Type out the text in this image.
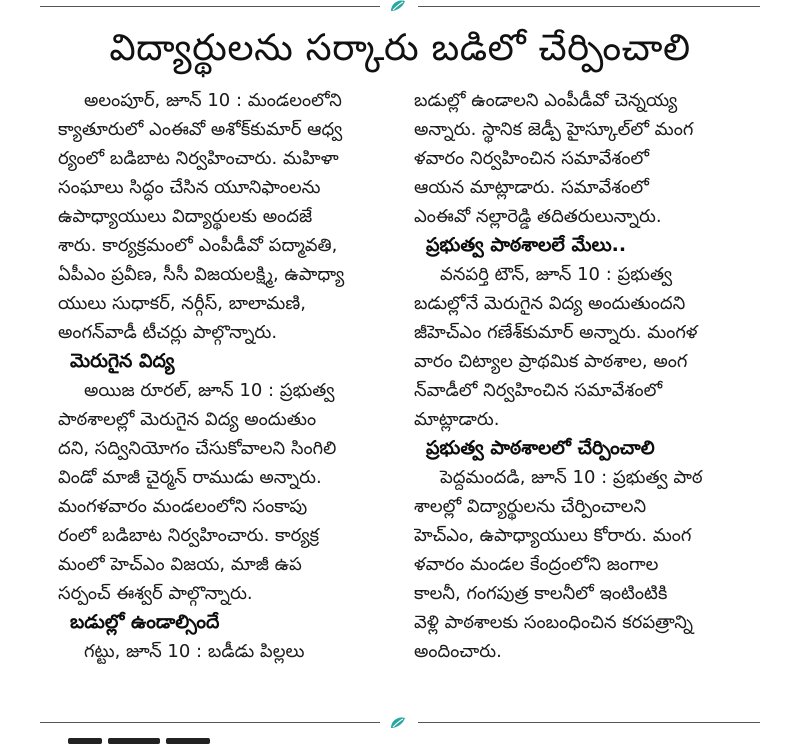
విద్యార్థులను సర్కారు బడిలో చేర్పించాలి
అలంపూర్, జూన్ 10 : మండలంలోని
క్యాతూరులో ఎంఈవో అశోక్‌కుమార్ ఆధ్వ
ర్యంలో బడిబాట నిర్వహించారు. మహిళా
సంఘాలు సిద్ధం చేసిన యూనిఫాంలను
ఉపాధ్యాయులు విద్యార్థులకు అందజే
శారు. కార్యక్రమంలో ఎంపీడీవో పద్మావతి,
ఏపీఎం ప్రవీణ, సీసీ విజయలక్ష్మి, ఉపాధ్యా
యులు సుధాకర్, నర్గీస్, బాలామణి,
అంగన్‌వాడీ టీచర్లు పాల్గొన్నారు.
మెరుగైన విద్య
అయిజ రూరల్, జూన్ 10 : ప్రభుత్వ
పాఠశాలల్లో మెరుగైన విద్య అందుతుం
దని, సద్వినియోగం చేసుకోవాలని సింగిలి
విండో మాజీ చైర్మన్ రాముడు అన్నారు.
మంగళవారం మండలంలోని సంకాపు
రంలో బడిబాట నిర్వహించారు. కార్యక్ర
మంలో హెచ్ఎం విజయ, మాజీ ఉప
సర్పంచ్ ఈశ్వర్ పాల్గొన్నారు.
బడుల్లో ఉండాల్సిందే
గట్టు, జూన్ 10 : బడీడు పిల్లలు
బడుల్లో ఉండాలని ఎంపీడీవో చెన్నయ్య
అన్నారు. స్థానిక జెడ్పీ హైస్కూల్‌లో మంగ
ళవారం నిర్వహించిన సమావేశంలో
ఆయన మాట్లాడారు. సమావేశంలో
ఎంఈవో నల్లారెడ్డి తదితరులున్నారు.
ప్రభుత్వ పాఠశాలలే మేలు..
వనపర్తి టౌన్, జూన్ 10 : ప్రభుత్వ
బడుల్లోనే మెరుగైన విద్య అందుతుందని
జీహెచ్ఎం గణేశ్‌కుమార్ అన్నారు. మంగళ
వారం చిట్యాల ప్రాథమిక పాఠశాల, అంగ
న్‌వాడీలో నిర్వహించిన సమావేశంలో
మాట్లాడారు.
ప్రభుత్వ పాఠశాలలో చేర్పించాలి
పెద్దమందడి, జూన్ 10 : ప్రభుత్వ పాఠ
శాలల్లో విద్యార్థులను చేర్పించాలని
హెచ్ఎం, ఉపాధ్యాయులు కోరారు. మంగ
ళవారం మండల కేంద్రంలోని జంగాల
కాలనీ, గంగపుత్ర కాలనీలో ఇంటింటికి
వెళ్లి పాఠశాలకు సంబంధించిన కరపత్రాన్ని
అందించారు.
